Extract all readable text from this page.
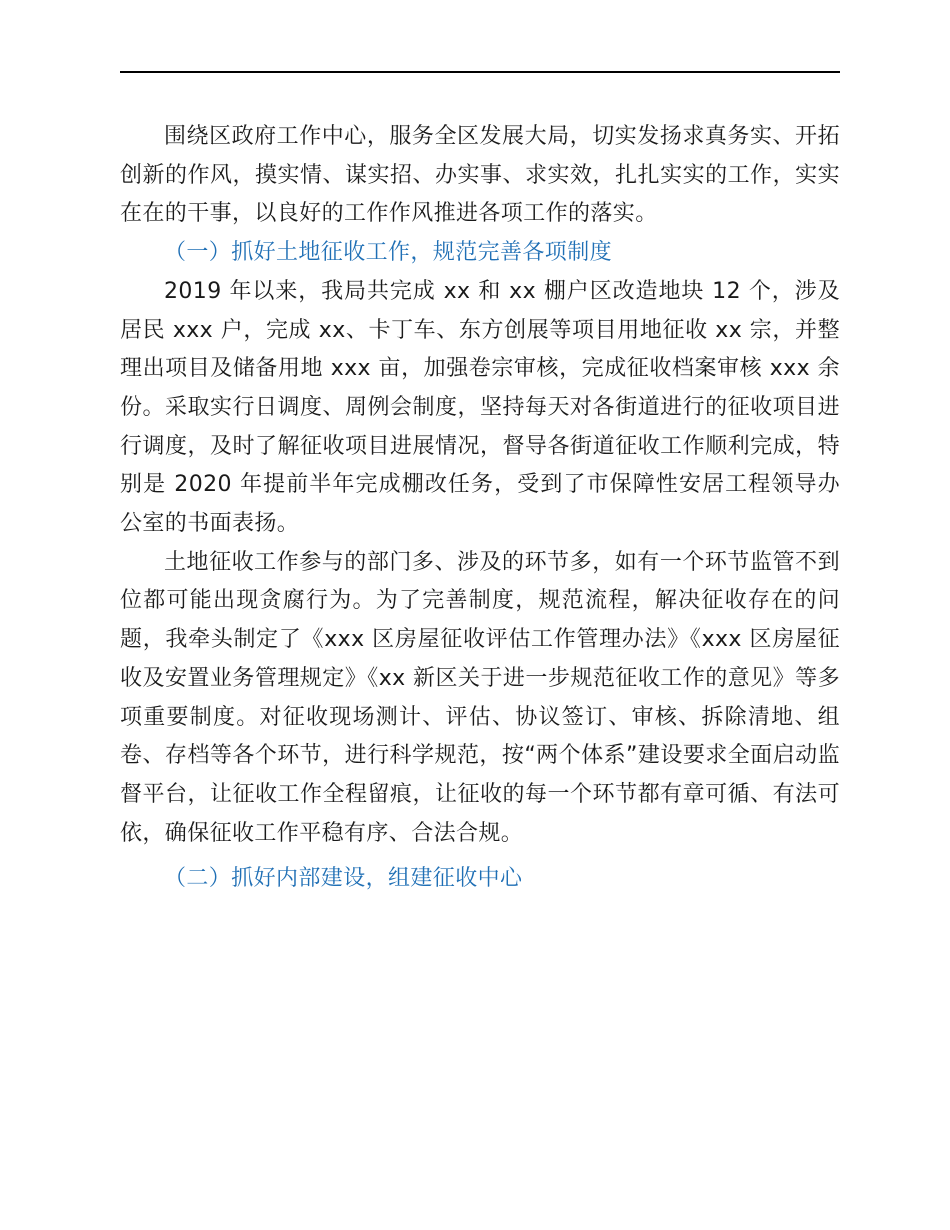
围绕区政府工作中心，服务全区发展大局，切实发扬求真务实、开拓创新的作风，摸实情、谋实招、办实事、求实效，扎扎实实的工作，实实在在的干事，以良好的工作作风推进各项工作的落实。

（一）抓好土地征收工作，规范完善各项制度

2019 年以来，我局共完成 xx 和 xx 棚户区改造地块 12 个，涉及居民 xxx 户，完成 xx、卡丁车、东方创展等项目用地征收 xx 宗，并整理出项目及储备用地 xxx 亩，加强卷宗审核，完成征收档案审核 xxx 余份。采取实行日调度、周例会制度，坚持每天对各街道进行的征收项目进行调度，及时了解征收项目进展情况，督导各街道征收工作顺利完成，特别是 2020 年提前半年完成棚改任务，受到了市保障性安居工程领导办公室的书面表扬。

土地征收工作参与的部门多、涉及的环节多，如有一个环节监管不到位都可能出现贪腐行为。为了完善制度，规范流程，解决征收存在的问题，我牵头制定了《xxx 区房屋征收评估工作管理办法》《xxx 区房屋征收及安置业务管理规定》《xx 新区关于进一步规范征收工作的意见》等多项重要制度。对征收现场测计、评估、协议签订、审核、拆除清地、组卷、存档等各个环节，进行科学规范，按“两个体系”建设要求全面启动监督平台，让征收工作全程留痕，让征收的每一个环节都有章可循、有法可依，确保征收工作平稳有序、合法合规。

（二）抓好内部建设，组建征收中心
